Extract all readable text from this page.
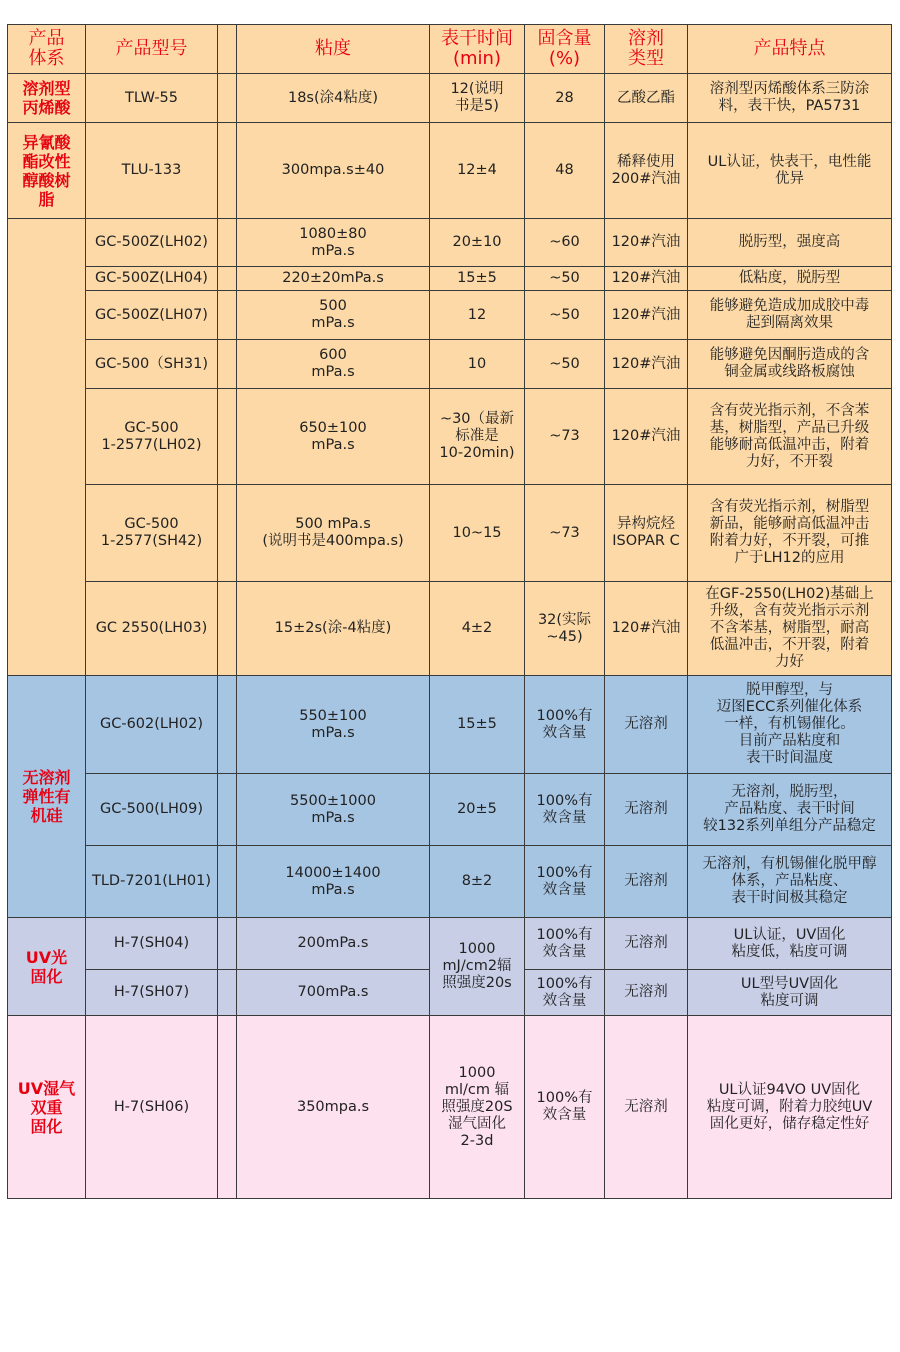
产品
体系	产品型号		粘度	表干时间
(min)	固含量
(%)	溶剂
类型	产品特点
溶剂型
丙烯酸	TLW-55		18s(涂4粘度)	12(说明
书是5)	28	乙酸乙酯	溶剂型丙烯酸体系三防涂
料，表干快，PA5731
异氰酸
酯改性
醇酸树
脂	TLU-133		300mpa.s±40	12±4	48	稀释使用
200#汽油	UL认证，快表干，电性能
优异
	GC-500Z(LH02)		1080±80
mPa.s	20±10	~60	120#汽油	脱肟型，强度高
	GC-500Z(LH04)		220±20mPa.s	15±5	~50	120#汽油	低粘度，脱肟型
	GC-500Z(LH07)		500
mPa.s	12	~50	120#汽油	能够避免造成加成胶中毒
起到隔离效果
	GC-500（SH31)		600
mPa.s	10	~50	120#汽油	能够避免因酮肟造成的含
铜金属或线路板腐蚀
	GC-500
1-2577(LH02)		650±100
mPa.s	~30（最新
标准是
10-20min)	~73	120#汽油	含有荧光指示剂，不含苯
基，树脂型，产品已升级
能够耐高低温冲击，附着
力好，不开裂
	GC-500
1-2577(SH42)		500 mPa.s
(说明书是400mpa.s)	10~15	~73	异构烷烃
ISOPAR C	含有荧光指示剂，树脂型
新品，能够耐高低温冲击
附着力好，不开裂，可推
广于LH12的应用
	GC 2550(LH03)		15±2s(涂-4粘度)	4±2	32(实际
~45)	120#汽油	在GF-2550(LH02)基础上
升级，含有荧光指示示剂
不含苯基，树脂型，耐高
低温冲击，不开裂，附着
力好
无溶剂
弹性有
机硅	GC-602(LH02)		550±100
mPa.s	15±5	100%有
效含量	无溶剂	脱甲醇型，与
迈图ECC系列催化体系
一样，有机锡催化。
目前产品粘度和
表干时间温度
	GC-500(LH09)		5500±1000
mPa.s	20±5	100%有
效含量	无溶剂	无溶剂，脱肟型，
产品粘度、表干时间
较132系列单组分产品稳定
	TLD-7201(LH01)		14000±1400
mPa.s	8±2	100%有
效含量	无溶剂	无溶剂，有机锡催化脱甲醇
体系，产品粘度、
表干时间极其稳定
UV光
固化	H-7(SH04)		200mPa.s	1000
mJ/cm2辐
照强度20s	100%有
效含量	无溶剂	UL认证，UV固化
粘度低，粘度可调
	H-7(SH07)		700mPa.s		100%有
效含量	无溶剂	UL型号UV固化
粘度可调
UV湿气
双重
固化	H-7(SH06)		350mpa.s	1000
ml/cm 辐
照强度20S
湿气固化
2-3d	100%有
效含量	无溶剂	UL认证94VO UV固化
粘度可调，附着力胶纯UV
固化更好，储存稳定性好
